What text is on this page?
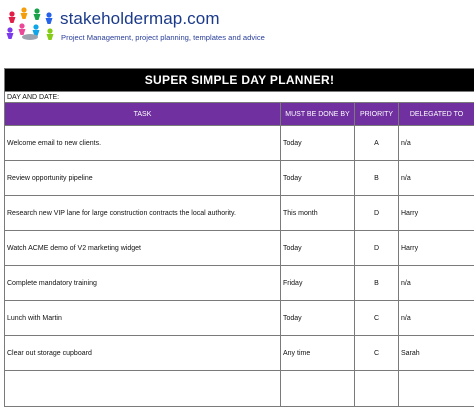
stakeholdermap.com
Project Management, project planning, templates and advice
SUPER SIMPLE DAY PLANNER!			
DAY AND DATE:			
TASK	MUST BE DONE BY	PRIORITY	DELEGATED TO
Welcome email to new clients.	Today	A	n/a
Review opportunity pipeline	Today	B	n/a
Research new VIP lane for large construction contracts the local authority.	This month	D	Harry
Watch ACME demo of V2 marketing widget	Today	D	Harry
Complete mandatory training	Friday	B	n/a
Lunch with Martin	Today	C	n/a
Clear out storage cupboard	Any time	C	Sarah
